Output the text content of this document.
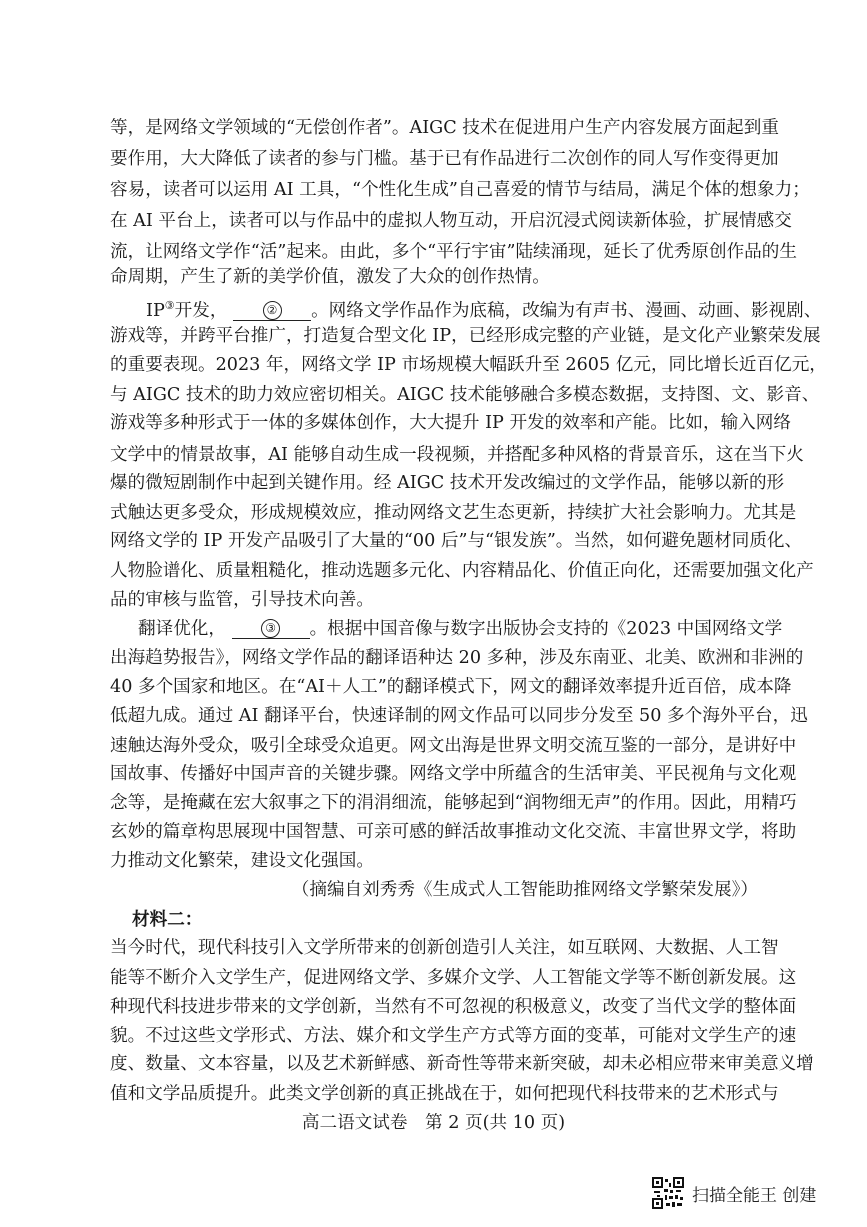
等，是网络文学领域的“无偿创作者”。AIGC 技术在促进用户生产内容发展方面起到重
要作用，大大降低了读者的参与门槛。基于已有作品进行二次创作的同人写作变得更加
容易，读者可以运用 AI 工具，“个性化生成”自己喜爱的情节与结局，满足个体的想象力；
在 AI 平台上，读者可以与作品中的虚拟人物互动，开启沉浸式阅读新体验，扩展情感交
流，让网络文学作“活”起来。由此，多个“平行宇宙”陆续涌现，延长了优秀原创作品的生
命周期，产生了新的美学价值，激发了大众的创作热情。
IP③开发，	② 。网络文学作品作为底稿，改编为有声书、漫画、动画、影视剧、
游戏等，并跨平台推广，打造复合型文化 IP，已经形成完整的产业链，是文化产业繁荣发展
的重要表现。2023 年，网络文学 IP 市场规模大幅跃升至 2605 亿元，同比增长近百亿元，
与 AIGC 技术的助力效应密切相关。AIGC 技术能够融合多模态数据，支持图、文、影音、
游戏等多种形式于一体的多媒体创作，大大提升 IP 开发的效率和产能。比如，输入网络
文学中的情景故事，AI 能够自动生成一段视频，并搭配多种风格的背景音乐，这在当下火
爆的微短剧制作中起到关键作用。经 AIGC 技术开发改编过的文学作品，能够以新的形
式触达更多受众，形成规模效应，推动网络文艺生态更新，持续扩大社会影响力。尤其是
网络文学的 IP 开发产品吸引了大量的“00 后”与“银发族”。当然，如何避免题材同质化、
人物脸谱化、质量粗糙化，推动选题多元化、内容精品化、价值正向化，还需要加强文化产
品的审核与监管，引导技术向善。
翻译优化，	③ 。根据中国音像与数字出版协会支持的《2023 中国网络文学
出海趋势报告》，网络文学作品的翻译语种达 20 多种，涉及东南亚、北美、欧洲和非洲的
40 多个国家和地区。在“AI＋人工”的翻译模式下，网文的翻译效率提升近百倍，成本降
低超九成。通过 AI 翻译平台，快速译制的网文作品可以同步分发至 50 多个海外平台，迅
速触达海外受众，吸引全球受众追更。网文出海是世界文明交流互鉴的一部分，是讲好中
国故事、传播好中国声音的关键步骤。网络文学中所蕴含的生活审美、平民视角与文化观
念等，是掩藏在宏大叙事之下的涓涓细流，能够起到“润物细无声”的作用。因此，用精巧
玄妙的篇章构思展现中国智慧、可亲可感的鲜活故事推动文化交流、丰富世界文学，将助
力推动文化繁荣，建设文化强国。
（摘编自刘秀秀《生成式人工智能助推网络文学繁荣发展》）
材料二：
当今时代，现代科技引入文学所带来的创新创造引人关注，如互联网、大数据、人工智
能等不断介入文学生产，促进网络文学、多媒介文学、人工智能文学等不断创新发展。这
种现代科技进步带来的文学创新，当然有不可忽视的积极意义，改变了当代文学的整体面
貌。不过这些文学形式、方法、媒介和文学生产方式等方面的变革，可能对文学生产的速
度、数量、文本容量，以及艺术新鲜感、新奇性等带来新突破，却未必相应带来审美意义增
值和文学品质提升。此类文学创新的真正挑战在于，如何把现代科技带来的艺术形式与
高二语文试卷　第 2 页(共 10 页)
扫描全能王 创建
